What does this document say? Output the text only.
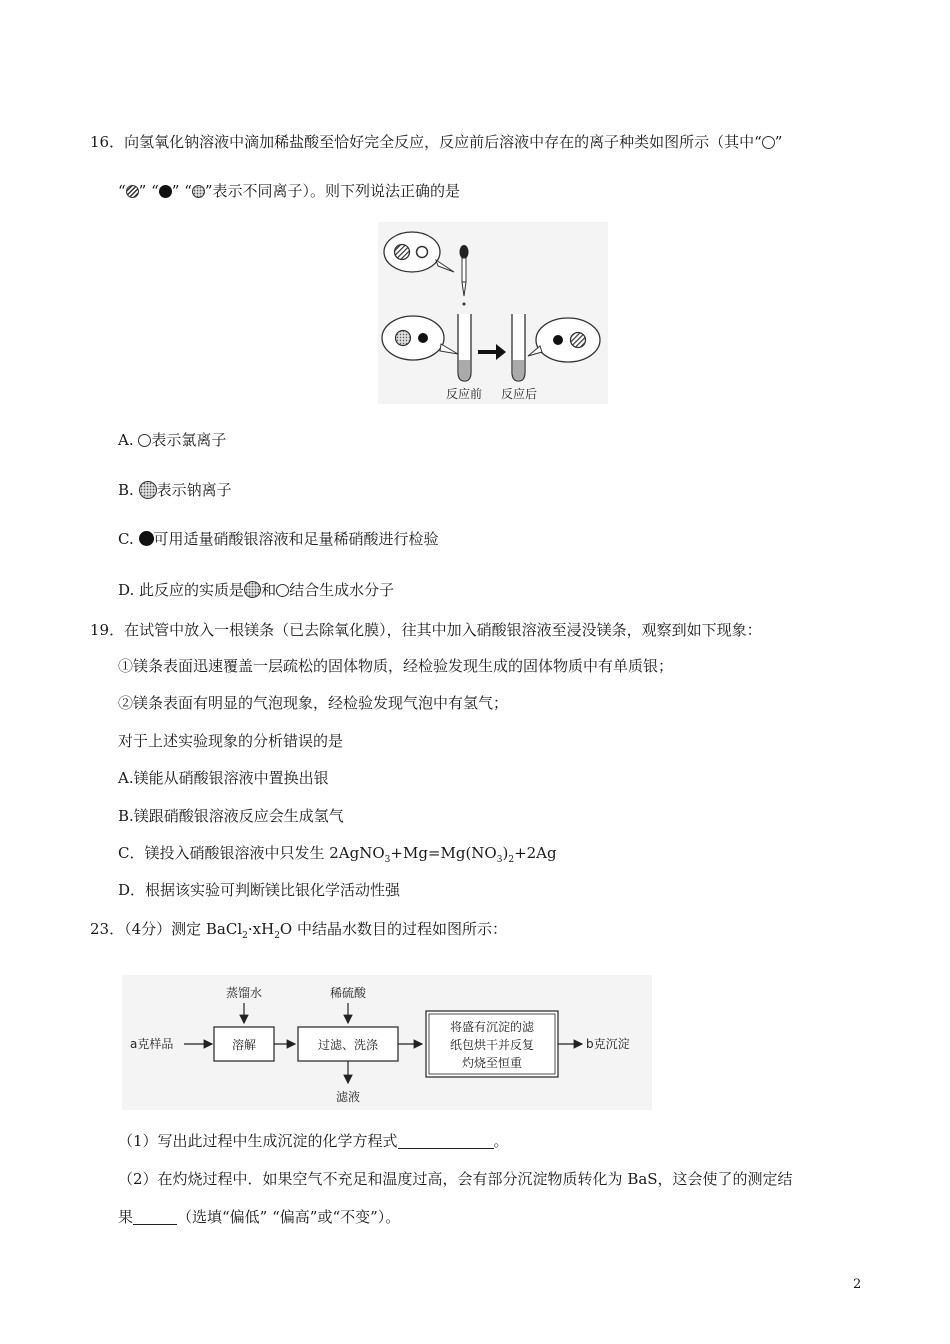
16．向氢氧化钠溶液中滴加稀盐酸至恰好完全反应，反应前后溶液中存在的离子种类如图所示（其中“ ”
“ ” “ ” “ ”表示不同离子）。则下列说法正确的是
反应前 反应后
A. 表示氯离子
B. 表示钠离子
C. 可用适量硝酸银溶液和足量稀硝酸进行检验
D. 此反应的实质是 和 结合生成水分子
19．在试管中放入一根镁条（已去除氧化膜），往其中加入硝酸银溶液至浸没镁条，观察到如下现象：
①镁条表面迅速覆盖一层疏松的固体物质，经检验发现生成的固体物质中有单质银；
②镁条表面有明显的气泡现象，经检验发现气泡中有氢气；
对于上述实验现象的分析错误的是
A.镁能从硝酸银溶液中置换出银
B.镁跟硝酸银溶液反应会生成氢气
C．镁投入硝酸银溶液中只发生 $2AgNO_3+Mg=Mg(NO_3)_2+2Ag$
D．根据该实验可判断镁比银化学活动性强
23．（4分）测定 $BaCl_2\cdot xH_2O$ 中结晶水数目的过程如图所示：
a克样品
蒸馏水
溶解
稀硫酸
过滤、洗涤
滤液
将盛有沉淀的滤
纸包烘干并反复
灼烧至恒重
b克沉淀
（1）写出此过程中生成沉淀的化学方程式	。
（2）在灼烧过程中．如果空气不充足和温度过高，会有部分沉淀物质转化为 BaS，这会使了的测定结
果	（选填“偏低” “偏高”或“不变”）。
2
